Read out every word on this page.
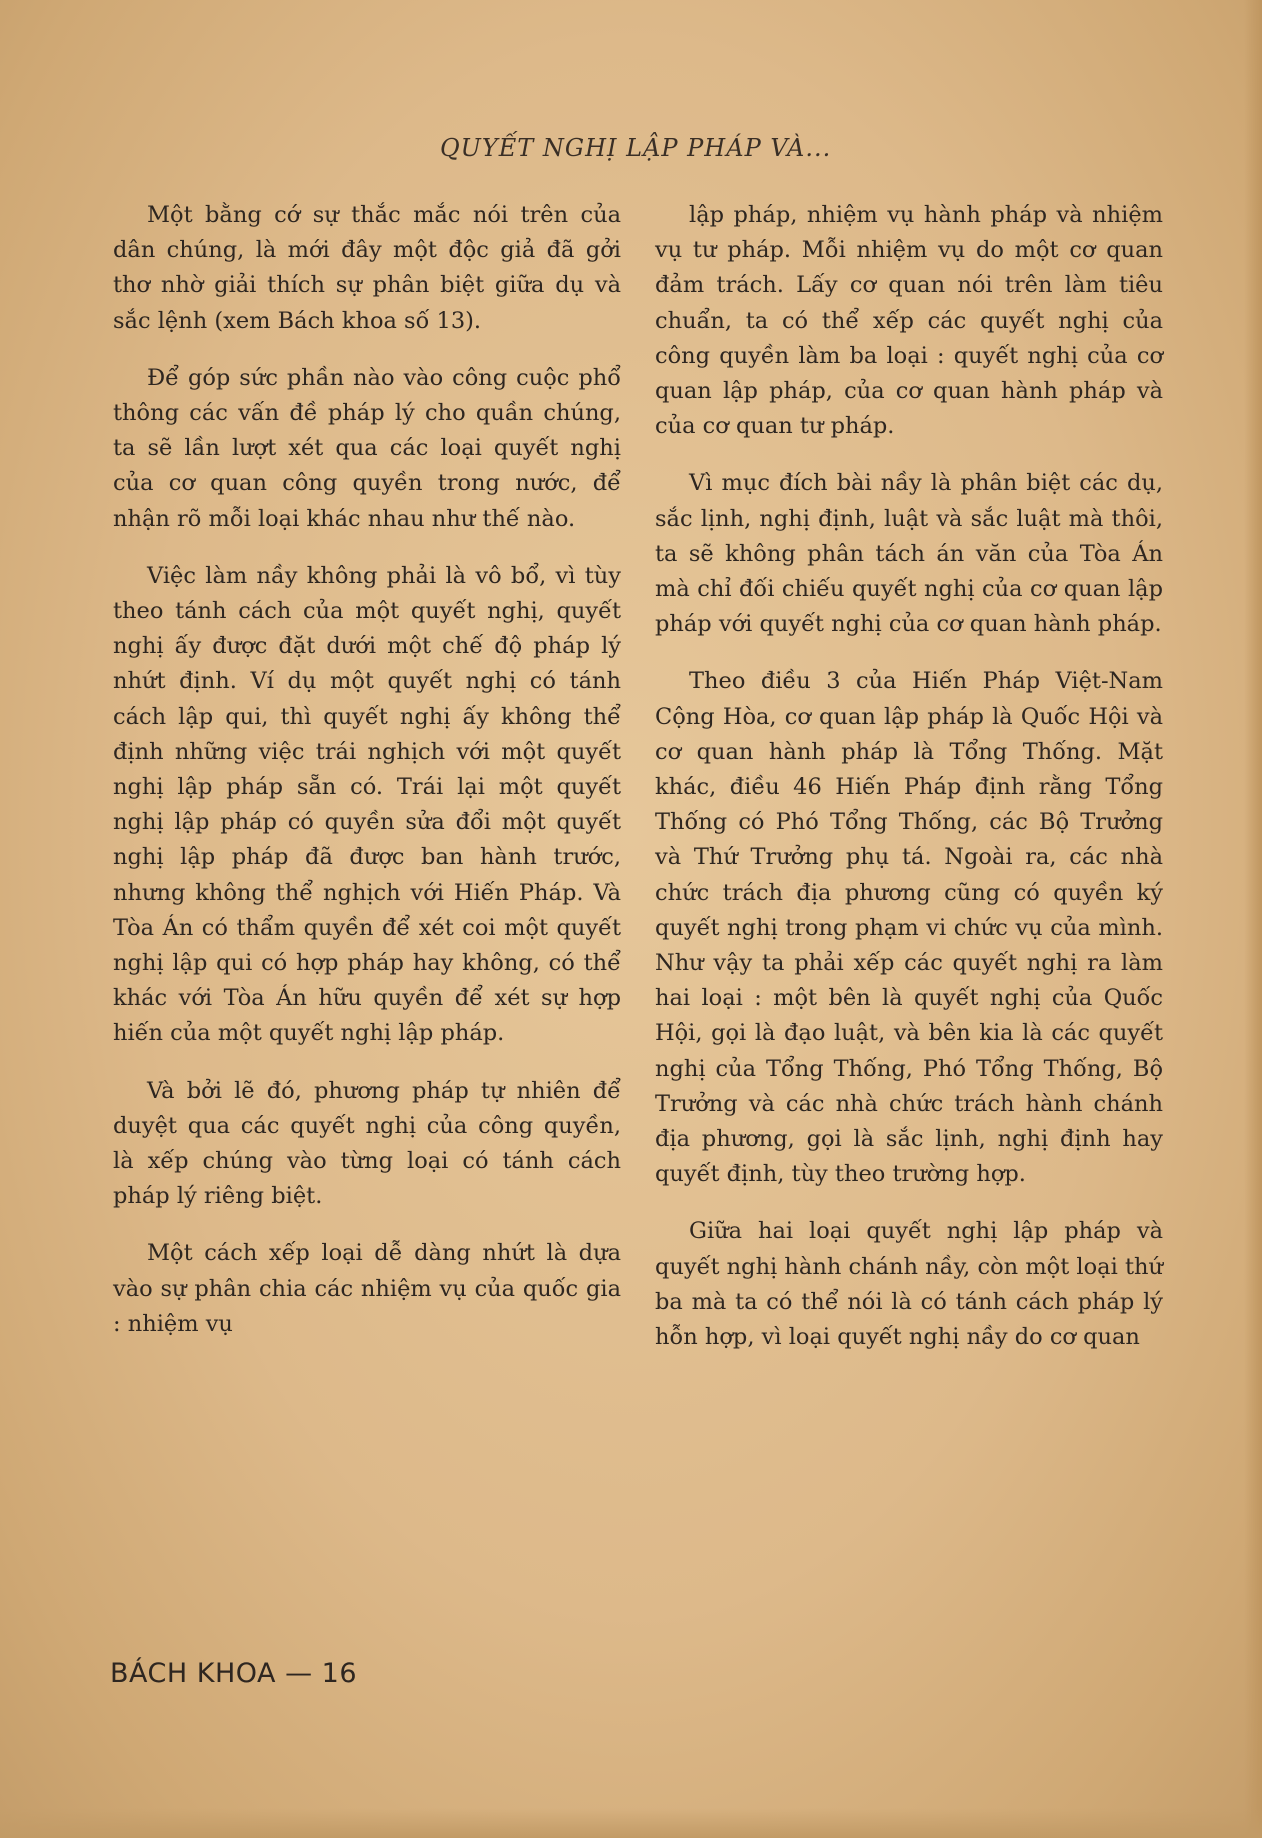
QUYẾT NGHỊ LẬP PHÁP VÀ...

Một bằng cớ sự thắc mắc nói trên của dân chúng, là mới đây một độc giả đã gởi thơ nhờ giải thích sự phân biệt giữa dụ và sắc lệnh (xem Bách khoa số 13).

Để góp sức phần nào vào công cuộc phổ thông các vấn đề pháp lý cho quần chúng, ta sẽ lần lượt xét qua các loại quyết nghị của cơ quan công quyền trong nước, để nhận rõ mỗi loại khác nhau như thế nào.

Việc làm nầy không phải là vô bổ, vì tùy theo tánh cách của một quyết nghị, quyết nghị ấy được đặt dưới một chế độ pháp lý nhứt định. Ví dụ một quyết nghị có tánh cách lập qui, thì quyết nghị ấy không thể định những việc trái nghịch với một quyết nghị lập pháp sẵn có. Trái lại một quyết nghị lập pháp có quyền sửa đổi một quyết nghị lập pháp đã được ban hành trước, nhưng không thể nghịch với Hiến Pháp. Và Tòa Án có thẩm quyền để xét coi một quyết nghị lập qui có hợp pháp hay không, có thể khác với Tòa Án hữu quyền để xét sự hợp hiến của một quyết nghị lập pháp.

Và bởi lẽ đó, phương pháp tự nhiên để duyệt qua các quyết nghị của công quyền, là xếp chúng vào từng loại có tánh cách pháp lý riêng biệt.

Một cách xếp loại dễ dàng nhứt là dựa vào sự phân chia các nhiệm vụ của quốc gia : nhiệm vụ

lập pháp, nhiệm vụ hành pháp và nhiệm vụ tư pháp. Mỗi nhiệm vụ do một cơ quan đảm trách. Lấy cơ quan nói trên làm tiêu chuẩn, ta có thể xếp các quyết nghị của công quyền làm ba loại : quyết nghị của cơ quan lập pháp, của cơ quan hành pháp và của cơ quan tư pháp.

Vì mục đích bài nầy là phân biệt các dụ, sắc lịnh, nghị định, luật và sắc luật mà thôi, ta sẽ không phân tách án văn của Tòa Án mà chỉ đối chiếu quyết nghị của cơ quan lập pháp với quyết nghị của cơ quan hành pháp.

Theo điều 3 của Hiến Pháp Việt-Nam Cộng Hòa, cơ quan lập pháp là Quốc Hội và cơ quan hành pháp là Tổng Thống. Mặt khác, điều 46 Hiến Pháp định rằng Tổng Thống có Phó Tổng Thống, các Bộ Trưởng và Thứ Trưởng phụ tá. Ngoài ra, các nhà chức trách địa phương cũng có quyền ký quyết nghị trong phạm vi chức vụ của mình. Như vậy ta phải xếp các quyết nghị ra làm hai loại : một bên là quyết nghị của Quốc Hội, gọi là đạo luật, và bên kia là các quyết nghị của Tổng Thống, Phó Tổng Thống, Bộ Trưởng và các nhà chức trách hành chánh địa phương, gọi là sắc lịnh, nghị định hay quyết định, tùy theo trường hợp.

Giữa hai loại quyết nghị lập pháp và quyết nghị hành chánh nầy, còn một loại thứ ba mà ta có thể nói là có tánh cách pháp lý hỗn hợp, vì loại quyết nghị nầy do cơ quan

BÁCH KHOA — 16
